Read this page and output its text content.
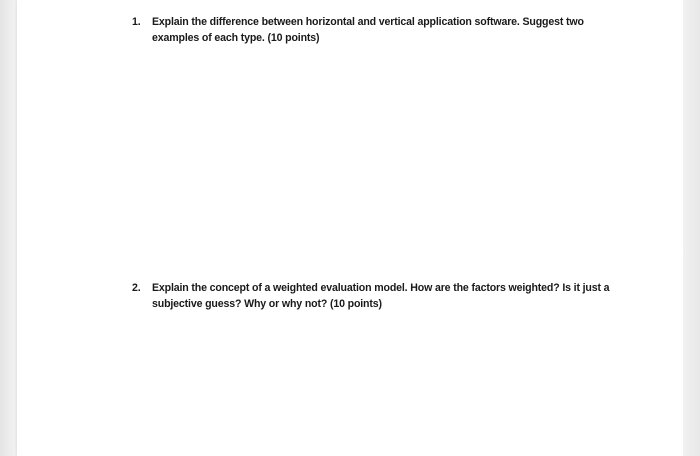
1.	Explain the difference between horizontal and vertical application software. Suggest two
examples of each type. (10 points)
2.	Explain the concept of a weighted evaluation model. How are the factors weighted? Is it just a
subjective guess? Why or why not? (10 points)
